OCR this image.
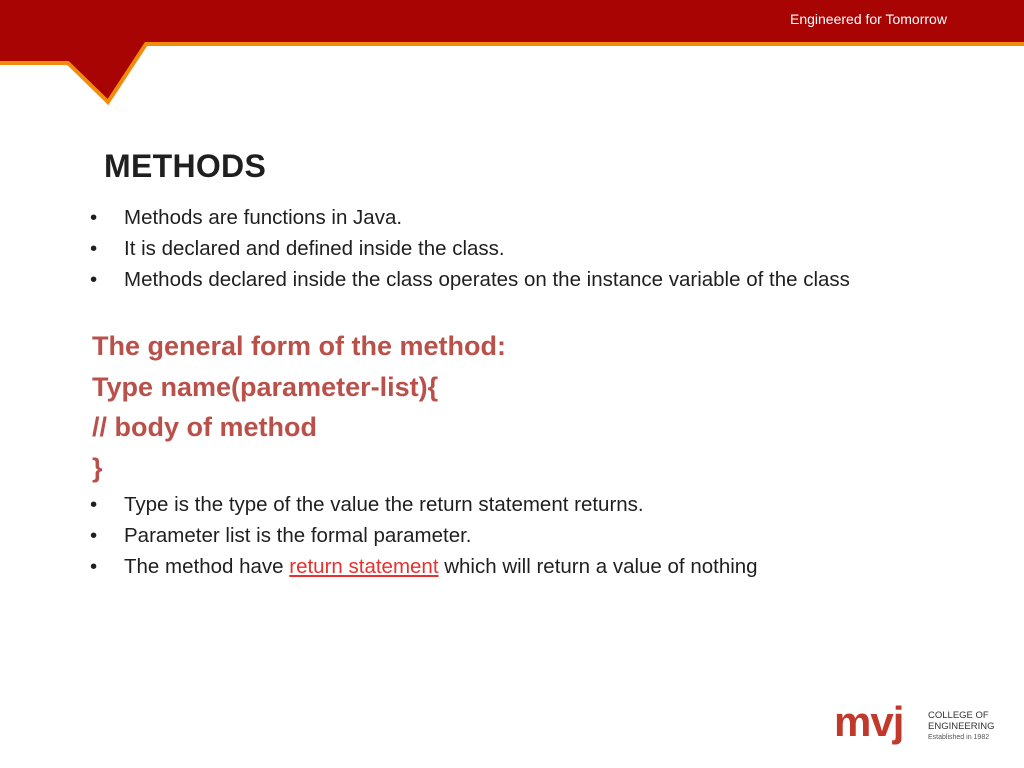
Engineered for Tomorrow
METHODS
• Methods are functions in Java.
• It is declared and defined inside the class.
• Methods declared inside the class operates on the instance variable of the class
The general form of the method:
Type name(parameter-list){
// body of method
}
• Type is the type of the value the return statement returns.
• Parameter list is the formal parameter.
• The method have return statement which will return a value of nothing
mvj	COLLEGE OF
ENGINEERING
Established in 1982
